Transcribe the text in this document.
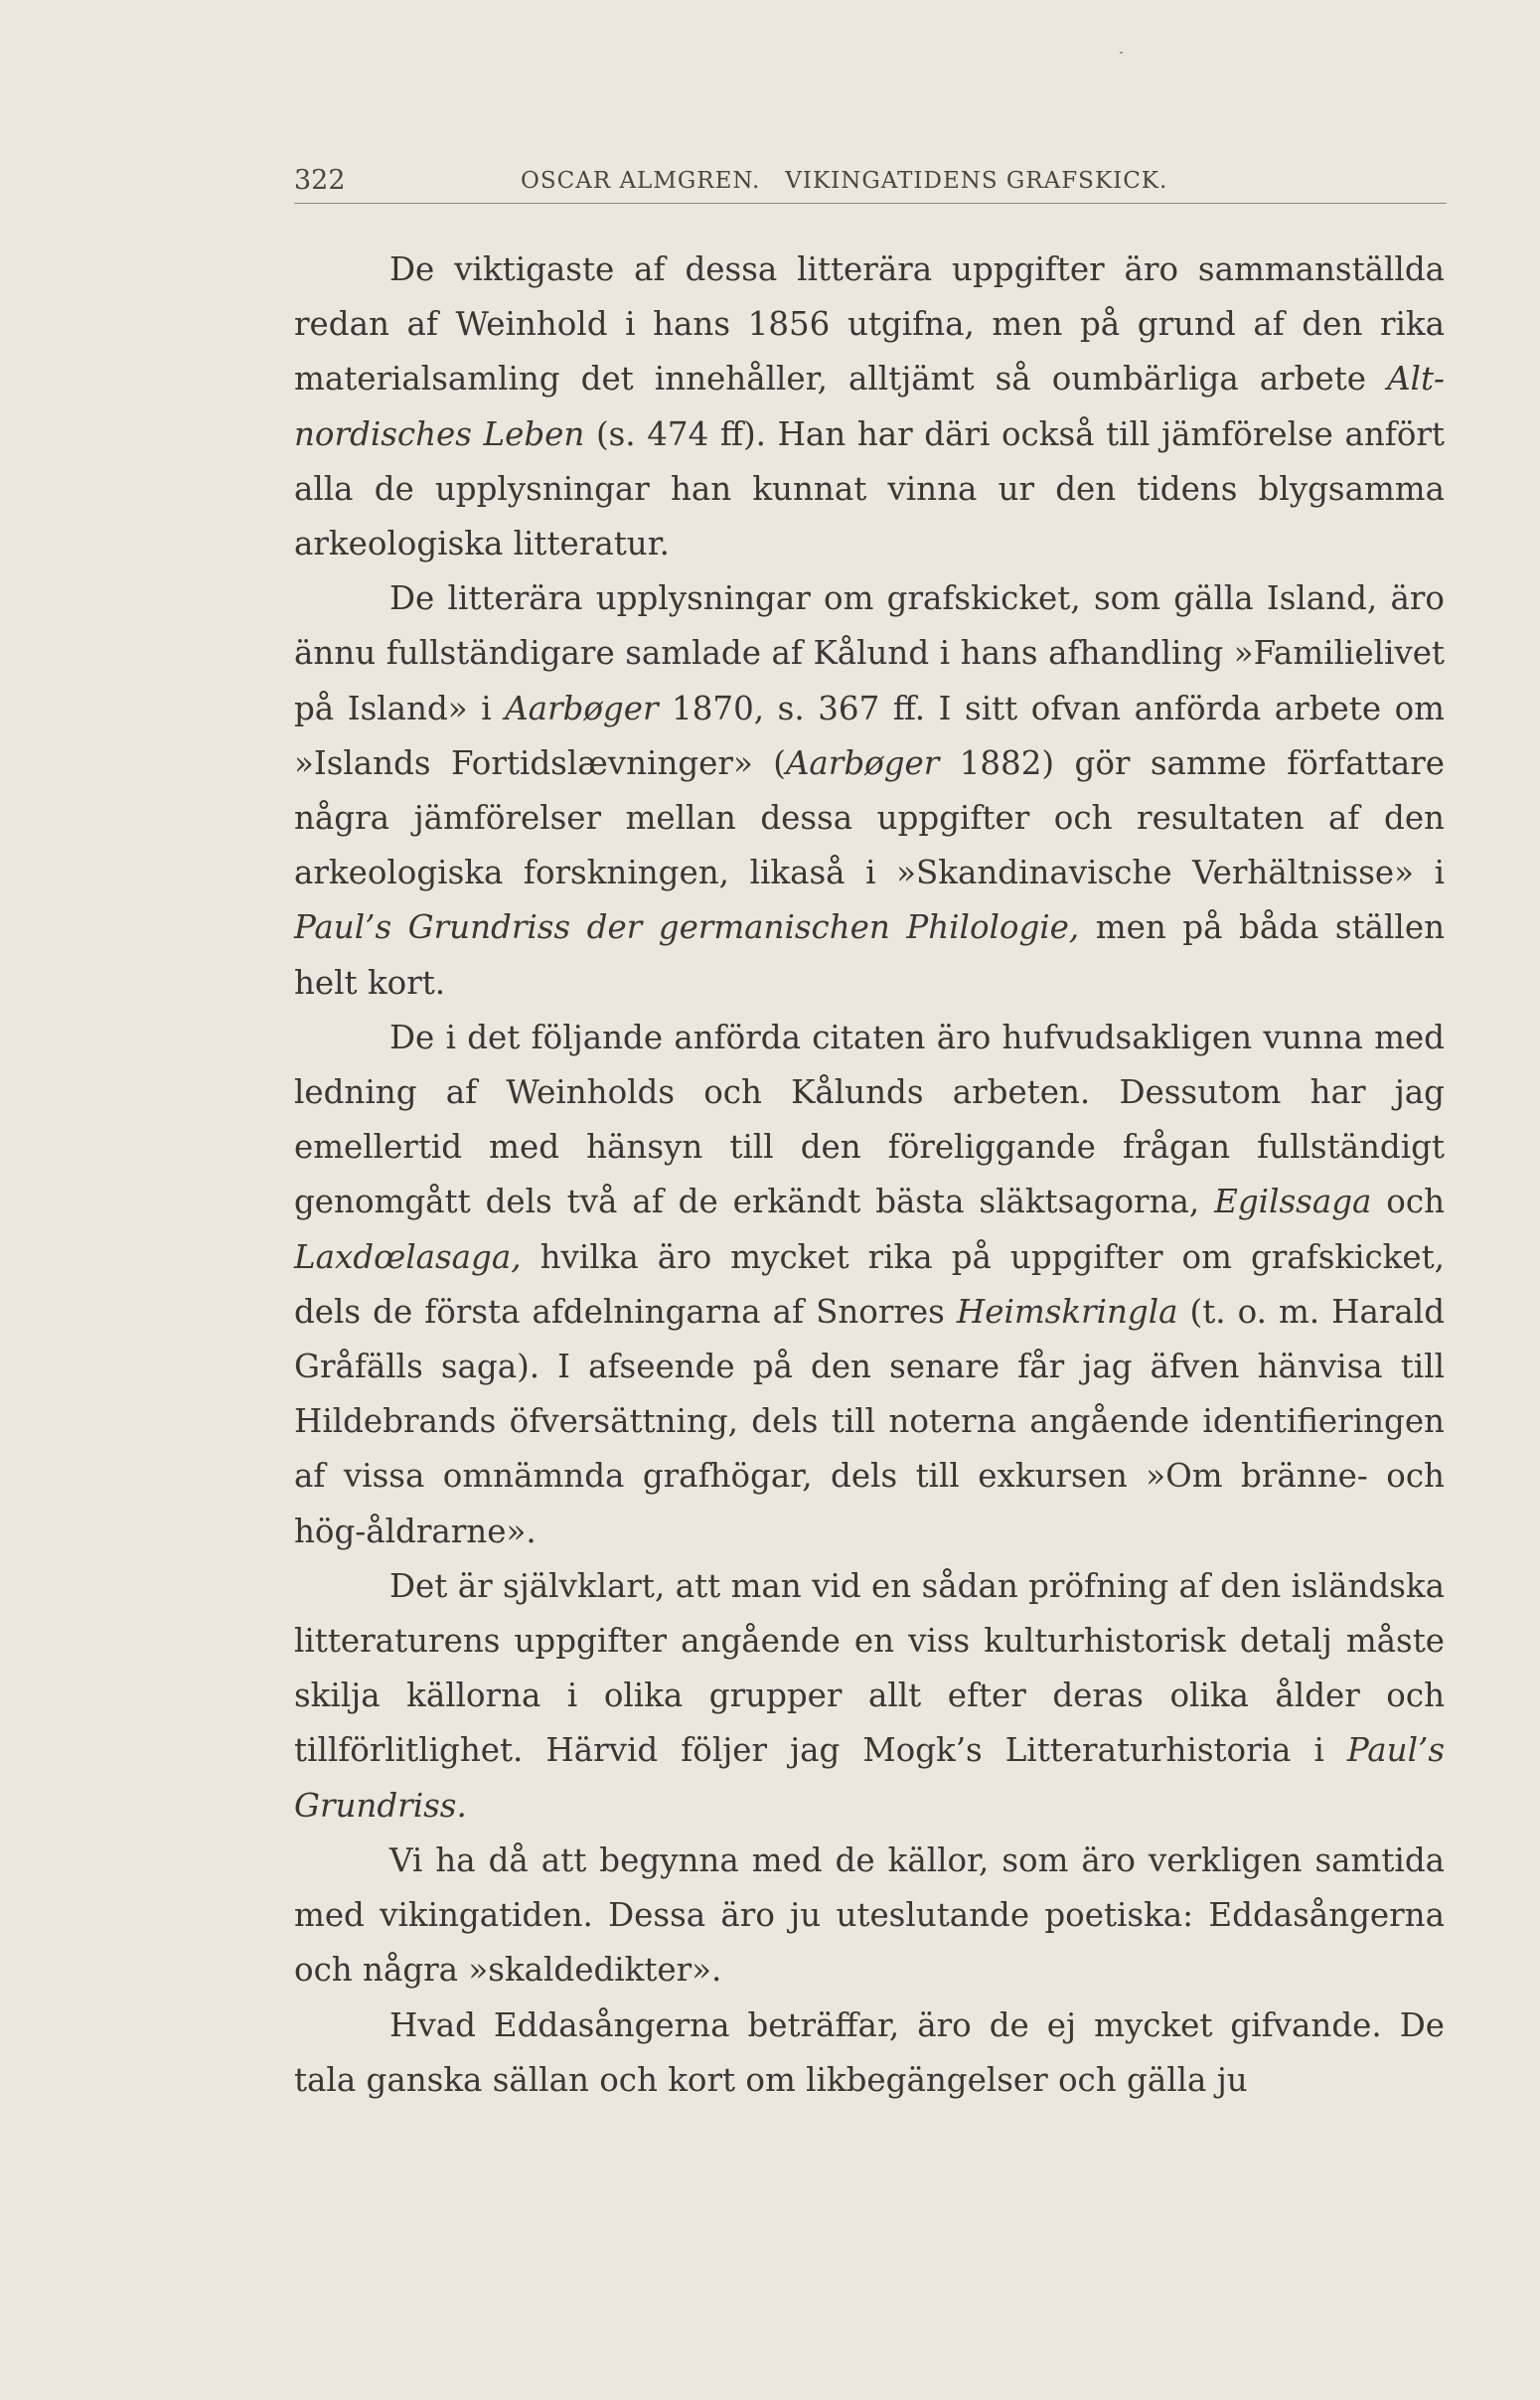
322	OSCAR ALMGREN.   VIKINGATIDENS GRAFSKICK.

De viktigaste af dessa litterära uppgifter äro sammanställda redan af Weinhold i hans 1856 utgifna, men på grund af den rika materialsamling det innehåller, alltjämt så oumbärliga arbete Altnordisches Leben (s. 474 ff). Han har däri också till jämförelse anfört alla de upplysningar han kunnat vinna ur den tidens blygsamma arkeologiska litteratur.

De litterära upplysningar om grafskicket, som gälla Island, äro ännu fullständigare samlade af Kålund i hans afhandling »Familielivet på Island» i Aarbøger 1870, s. 367 ff. I sitt ofvan anförda arbete om »Islands Fortidslævninger» (Aarbøger 1882) gör samme författare några jämförelser mellan dessa uppgifter och resultaten af den arkeologiska forskningen, likaså i »Skandinavische Verhältnisse» i Paul’s Grundriss der germanischen Philologie, men på båda ställen helt kort.

De i det följande anförda citaten äro hufvudsakligen vunna med ledning af Weinholds och Kålunds arbeten. Dessutom har jag emellertid med hänsyn till den föreliggande frågan fullständigt genomgått dels två af de erkändt bästa släktsagorna, Egilssaga och Laxdœlasaga, hvilka äro mycket rika på uppgifter om grafskicket, dels de första afdelningarna af Snorres Heimskringla (t. o. m. Harald Gråfälls saga). I afseende på den senare får jag äfven hänvisa till Hildebrands öfversättning, dels till noterna angående identifieringen af vissa omnämnda grafhögar, dels till exkursen »Om bränne- och hög-åldrarne».

Det är självklart, att man vid en sådan pröfning af den isländska litteraturens uppgifter angående en viss kulturhistorisk detalj måste skilja källorna i olika grupper allt efter deras olika ålder och tillförlitlighet. Härvid följer jag Mogk’s Litteraturhistoria i Paul’s Grundriss.

Vi ha då att begynna med de källor, som äro verkligen samtida med vikingatiden. Dessa äro ju uteslutande poetiska: Eddasångerna och några »skaldedikter».

Hvad Eddasångerna beträffar, äro de ej mycket gifvande. De tala ganska sällan och kort om likbegängelser och gälla ju
